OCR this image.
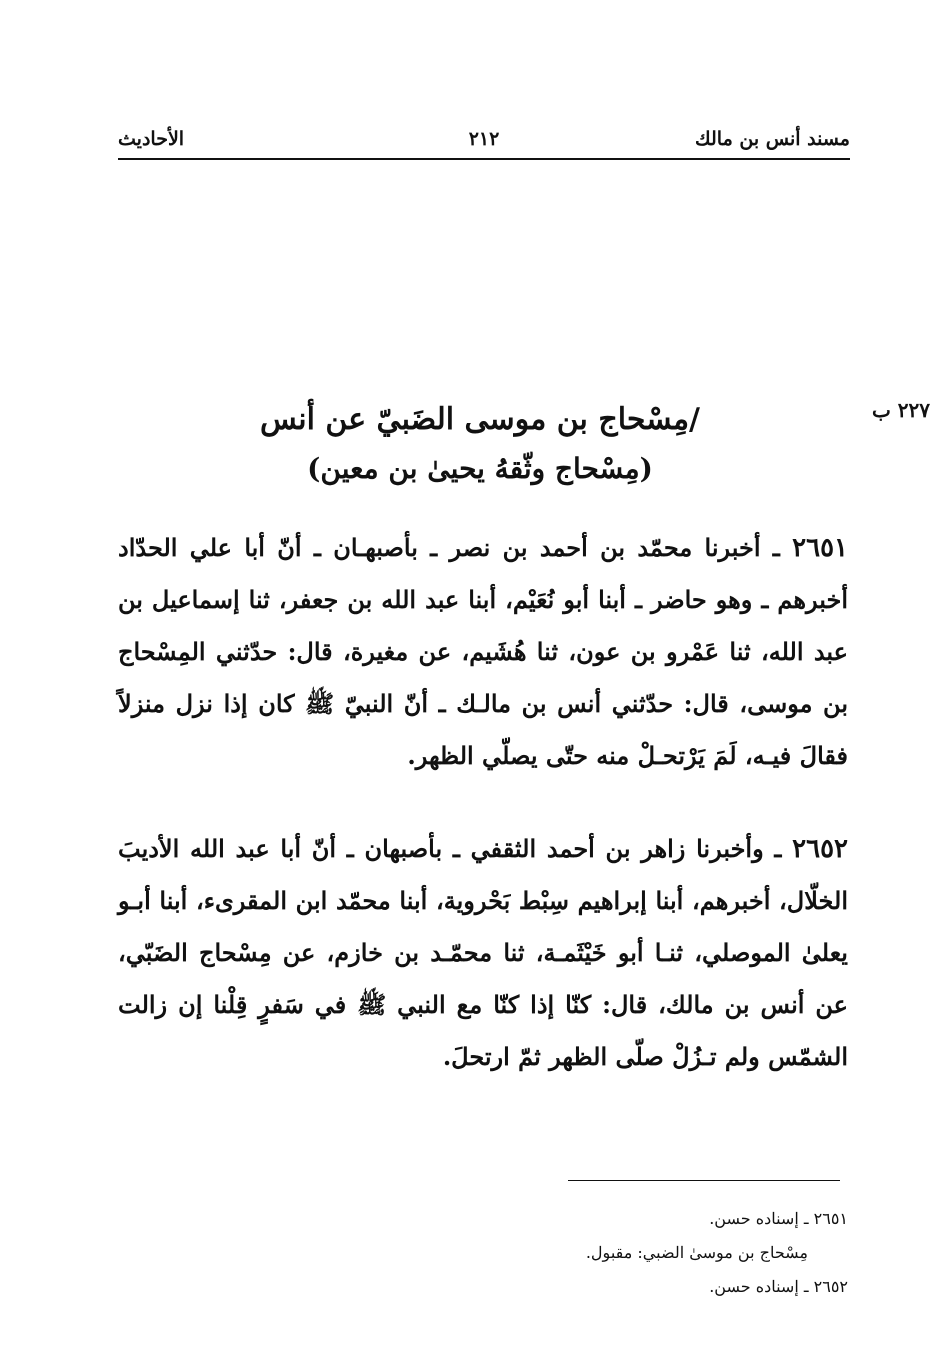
مسند أنس بن مالك
٢١٢
الأحاديث
٢٢٧ ب
/مِسْحاج بن موسى الضَبيّ عن أنس
(مِسْحاج وثّقهُ يحيىٰ بن معين)
٢٦٥١ ـ أخبرنا محمّد بن أحمد بن نصر ـ بأصبهـان ـ أنّ أبا علي الحدّاد أخبرهم ـ وهو حاضر ـ أبنا أبو نُعَيْم، أبنا عبد الله بن جعفر، ثنا إسماعيل بن عبد الله، ثنا عَمْرو بن عون، ثنا هُشَيم، عن مغيرة، قال: حدّثني المِسْحاج بن موسى، قال: حدّثني أنس بن مالـك ـ أنّ النبيّ ﷺ كان إذا نزل منزلاً فقالَ فيـه، لَمَ يَرْتحـلْ منه حتّى يصلّي الظهر.
٢٦٥٢ ـ وأخبرنا زاهر بن أحمد الثقفي ـ بأصبهان ـ أنّ أبا عبد الله الأديبَ الخلّال، أخبرهم، أبنا إبراهيم سِبْط بَحْروية، أبنا محمّد ابن المقرىء، أبنا أبـو يعلىٰ الموصلي، ثنـا أبو خَيْثَمـة، ثنا محمّـد بن خازم، عن مِسْحاج الضَبّي، عن أنس بن مالك، قال: كنّا إذا كنّا مع النبي ﷺ في سَفرٍ قِلْنا إن زالت الشمّس ولم تـزُلْ صلّى الظهر ثمّ ارتحلَ.
٢٦٥١ ـ إسناده حسن.
مِسْحاج بن موسىٰ الضبي: مقبول.
٢٦٥٢ ـ إسناده حسن.
